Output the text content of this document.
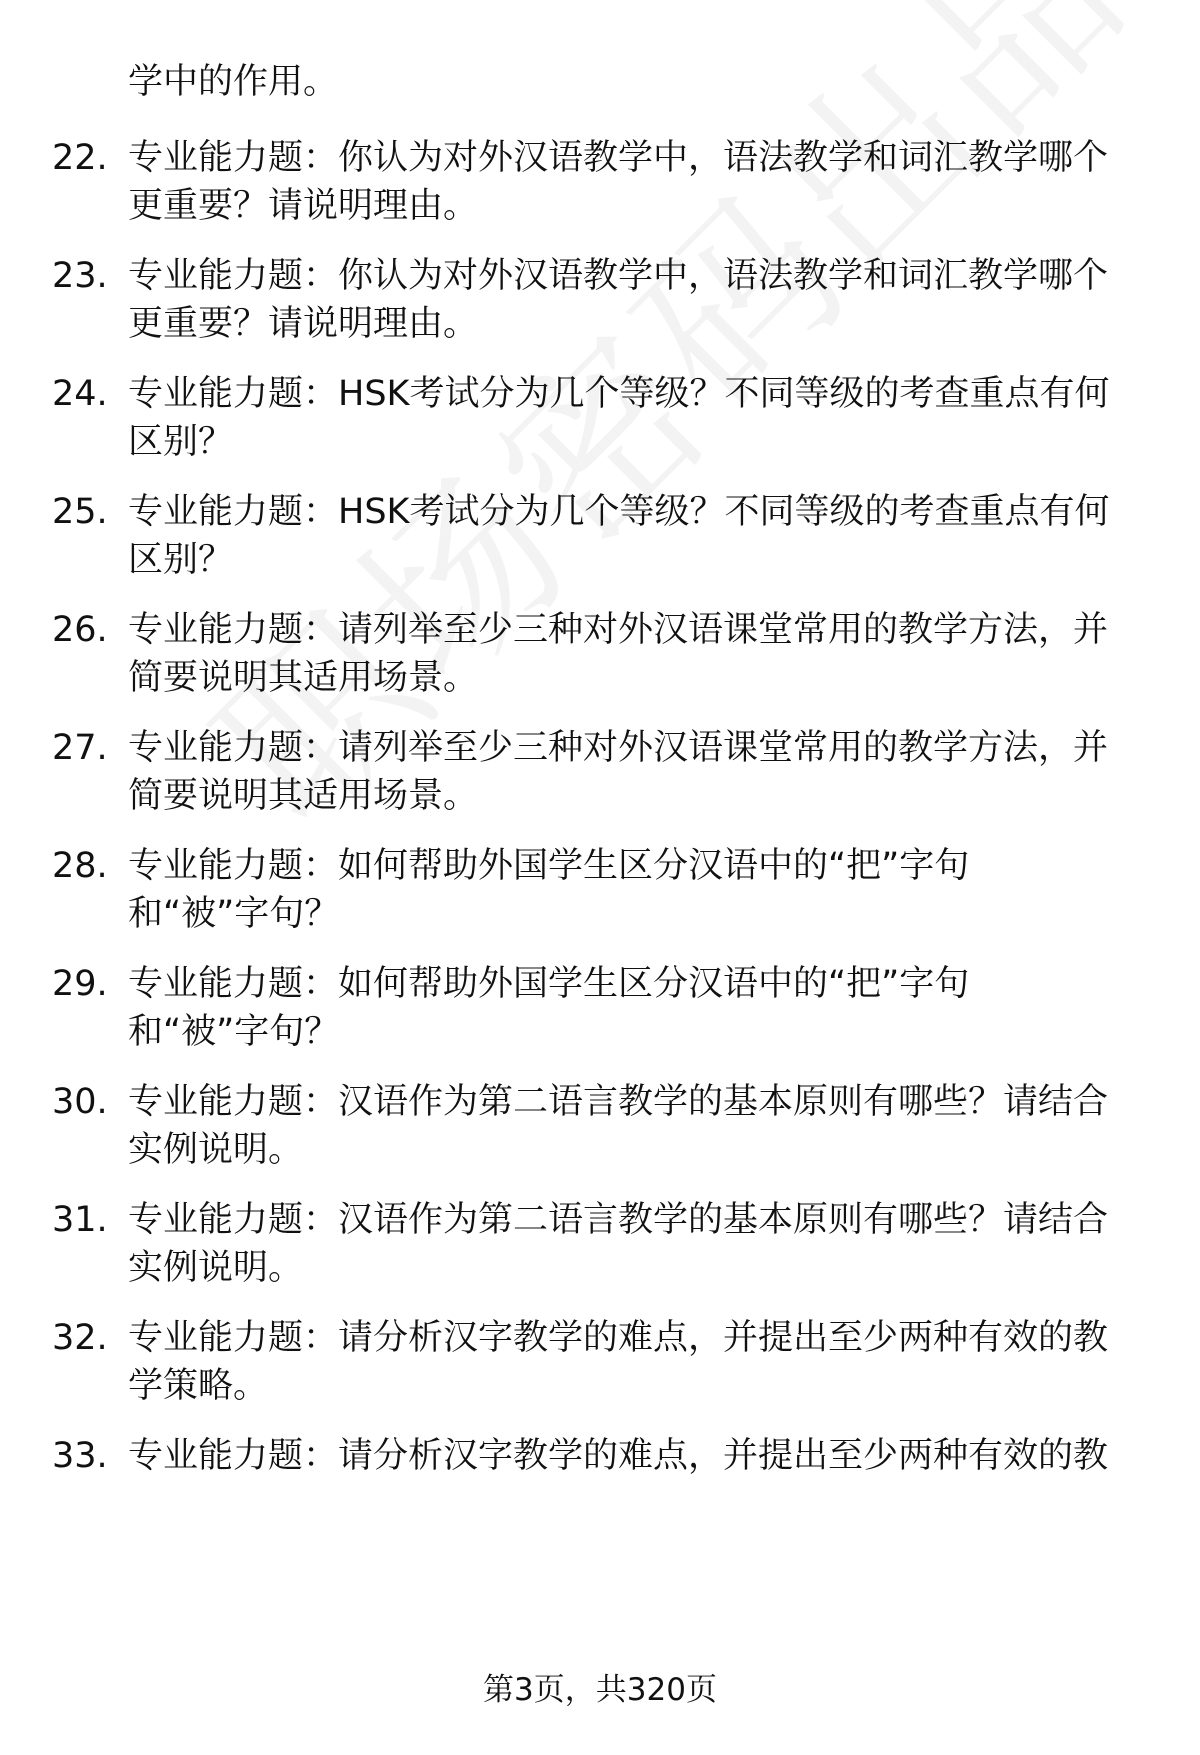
学中的作用。
22. 专业能力题：你认为对外汉语教学中，语法教学和词汇教学哪个
更重要？请说明理由。
23. 专业能力题：你认为对外汉语教学中，语法教学和词汇教学哪个
更重要？请说明理由。
24. 专业能力题：HSK考试分为几个等级？不同等级的考查重点有何
区别？
25. 专业能力题：HSK考试分为几个等级？不同等级的考查重点有何
区别？
26. 专业能力题：请列举至少三种对外汉语课堂常用的教学方法，并
简要说明其适用场景。
27. 专业能力题：请列举至少三种对外汉语课堂常用的教学方法，并
简要说明其适用场景。
28. 专业能力题：如何帮助外国学生区分汉语中的“把”字句
和“被”字句？
29. 专业能力题：如何帮助外国学生区分汉语中的“把”字句
和“被”字句？
30. 专业能力题：汉语作为第二语言教学的基本原则有哪些？请结合
实例说明。
31. 专业能力题：汉语作为第二语言教学的基本原则有哪些？请结合
实例说明。
32. 专业能力题：请分析汉字教学的难点，并提出至少两种有效的教
学策略。
33. 专业能力题：请分析汉字教学的难点，并提出至少两种有效的教
第3页，共320页
